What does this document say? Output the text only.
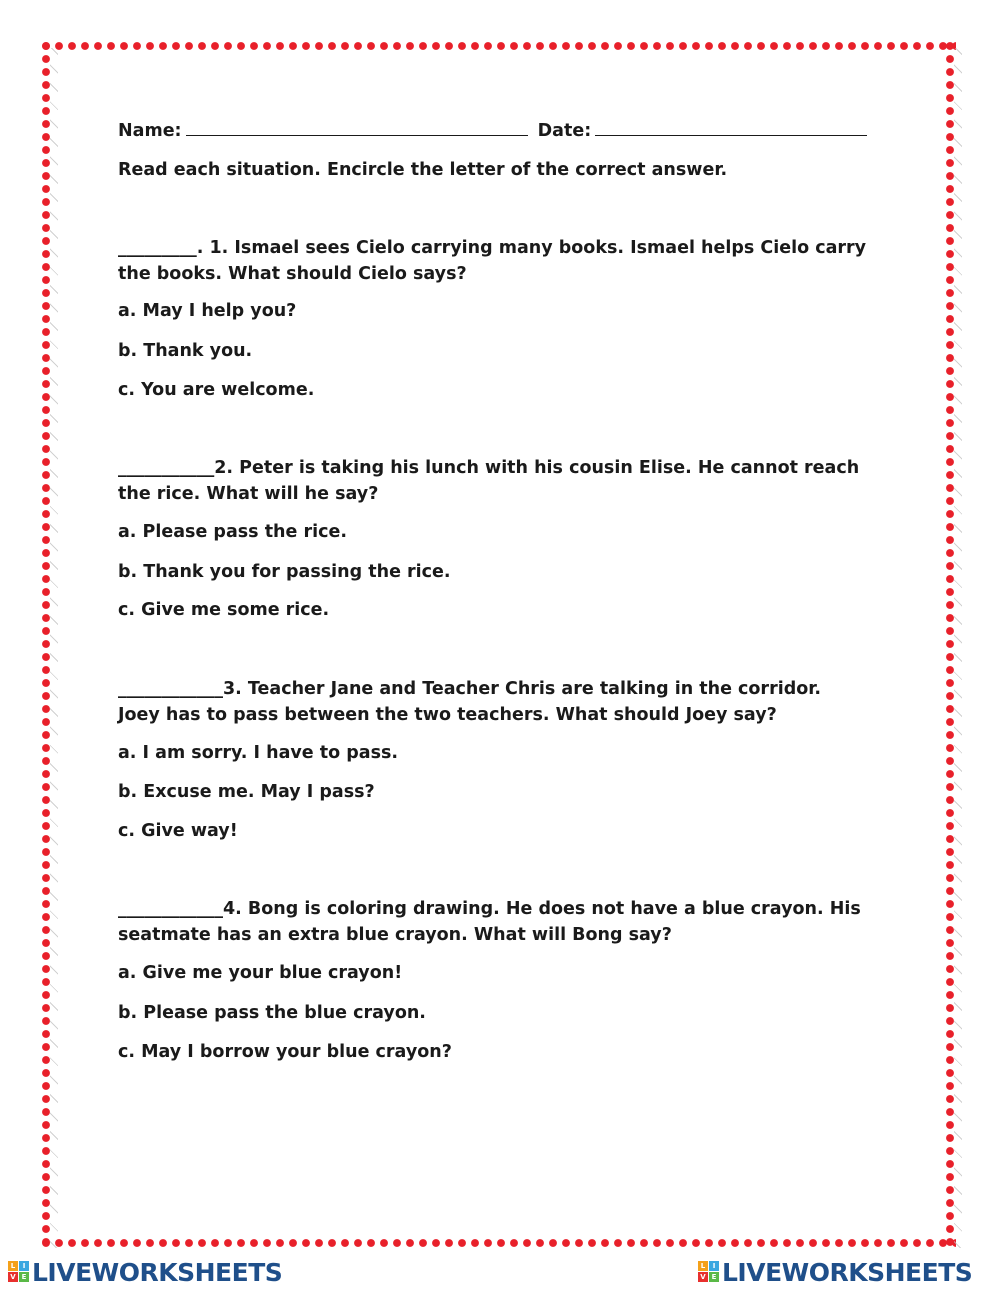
Name:	Date:
Read each situation. Encircle the letter of the correct answer.
_________. 1. Ismael sees Cielo carrying many books. Ismael helps Cielo carry the books. What should Cielo says?
a. May I help you?
b. Thank you.
c. You are welcome.
___________2. Peter is taking his lunch with his cousin Elise. He cannot reach the rice. What will he say?
a. Please pass the rice.
b. Thank you for passing the rice.
c. Give me some rice.
____________3. Teacher Jane and Teacher Chris are talking in the corridor. Joey has to pass between the two teachers. What should Joey say?
a. I am sorry. I have to pass.
b. Excuse me. May I pass?
c. Give way!
____________4. Bong is coloring drawing. He does not have a blue crayon. His seatmate has an extra blue crayon. What will Bong say?
a. Give me your blue crayon!
b. Please pass the blue crayon.
c. May I borrow your blue crayon?
L	I
V E LIVEWORKSHEETS	L	I
V E LIVEWORKSHEETS
